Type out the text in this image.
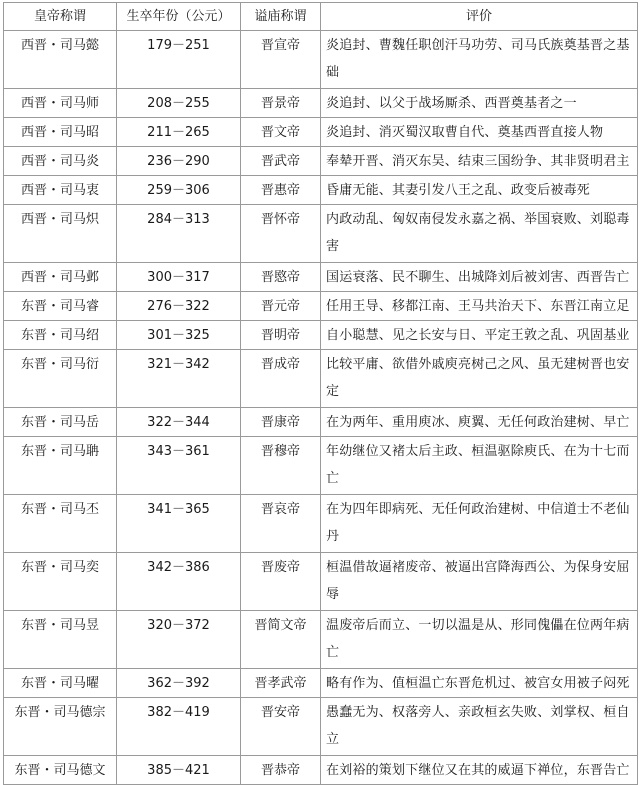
皇帝称谓	生卒年份（公元）	谥庙称谓	评价
西晋・司马懿	179－251	晋宣帝	炎追封、曹魏任职创汗马功劳、司马氏族奠基晋之基础
西晋・司马师	208－255	晋景帝	炎追封、以父于战场厮杀、西晋奠基者之一
西晋・司马昭	211－265	晋文帝	炎追封、消灭蜀汉取曹自代、奠基西晋直接人物
西晋・司马炎	236－290	晋武帝	奉辇开晋、消灭东吴、结束三国纷争、其非贤明君主
西晋・司马衷	259－306	晋惠帝	昏庸无能、其妻引发八王之乱、政变后被毒死
西晋・司马炽	284－313	晋怀帝	内政动乱、匈奴南侵发永嘉之祸、举国衰败、刘聪毒害
西晋・司马邺	300－317	晋愍帝	国运衰落、民不聊生、出城降刘后被刘害、西晋告亡
东晋・司马睿	276－322	晋元帝	任用王导、移都江南、王马共治天下、东晋江南立足
东晋・司马绍	301－325	晋明帝	自小聪慧、见之长安与日、平定王敦之乱、巩固基业
东晋・司马衍	321－342	晋成帝	比较平庸、欲借外戚庾亮树己之风、虽无建树晋也安定
东晋・司马岳	322－344	晋康帝	在为两年、重用庾冰、庾翼、无任何政治建树、早亡
东晋・司马聃	343－361	晋穆帝	年幼继位又褚太后主政、桓温驱除庾氏、在为十七而亡
东晋・司马丕	341－365	晋哀帝	在为四年即病死、无任何政治建树、中信道士不老仙丹
东晋・司马奕	342－386	晋废帝	桓温借故逼褚废帝、被逼出宫降海西公、为保身安屈辱
东晋・司马昱	320－372	晋简文帝	温废帝后而立、一切以温是从、形同傀儡在位两年病亡
东晋・司马曜	362－392	晋孝武帝	略有作为、值桓温亡东晋危机过、被宫女用被子闷死
东晋・司马德宗	382－419	晋安帝	愚蠢无为、权落旁人、亲政桓玄失败、刘掌权、桓自立
东晋・司马德文	385－421	晋恭帝	在刘裕的策划下继位又在其的威逼下禅位，东晋告亡
